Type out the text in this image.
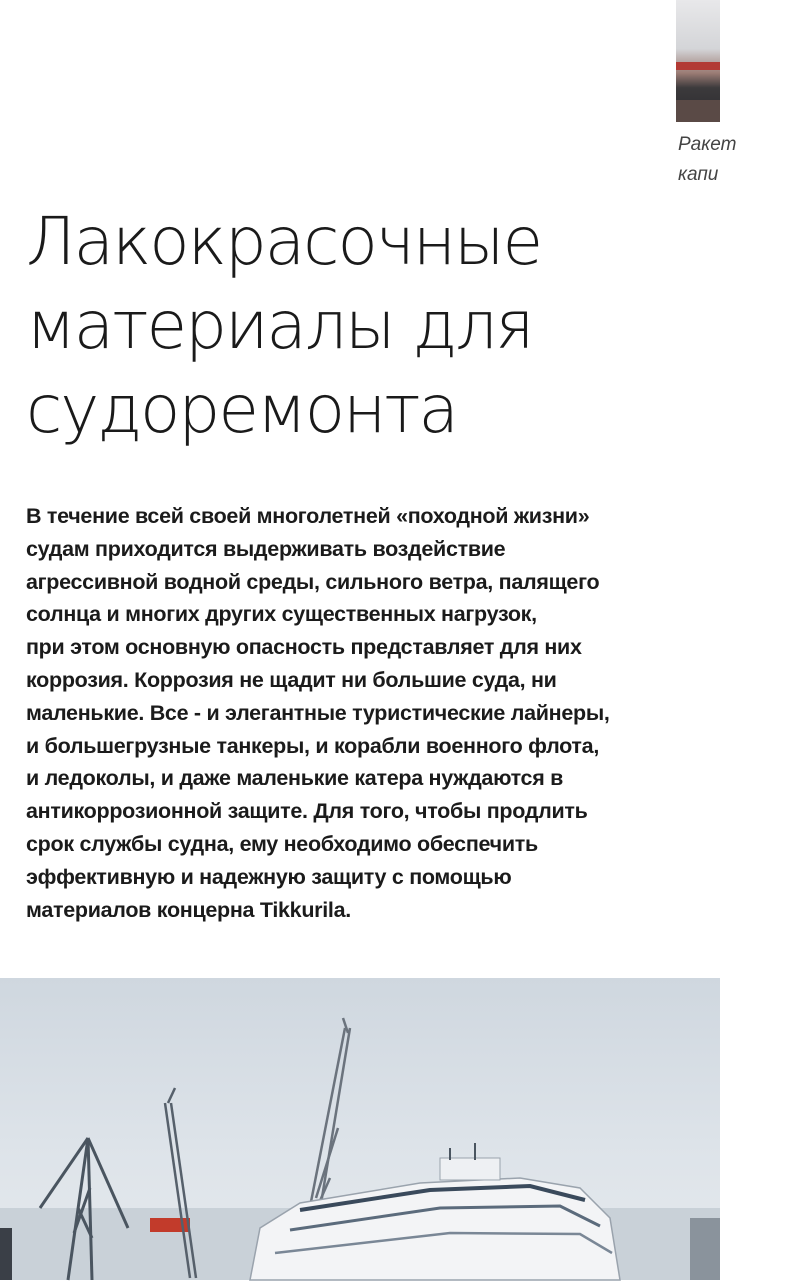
Ракет
капи
Лакокрасочные
материалы для
судоремонта
В течение всей своей многолетней «походной жизни»
судам приходится выдерживать воздействие
агрессивной водной среды, сильного ветра, палящего
солнца и многих других существенных нагрузок,
при этом основную опасность представляет для них
коррозия. Коррозия не щадит ни большие суда, ни
маленькие. Все - и элегантные туристические лайнеры,
и большегрузные танкеры, и корабли военного флота,
и ледоколы, и даже маленькие катера нуждаются в
антикоррозионной защите. Для того, чтобы продлить
срок службы судна, ему необходимо обеспечить
эффективную и надежную защиту с помощью
материалов концерна Tikkurila.
